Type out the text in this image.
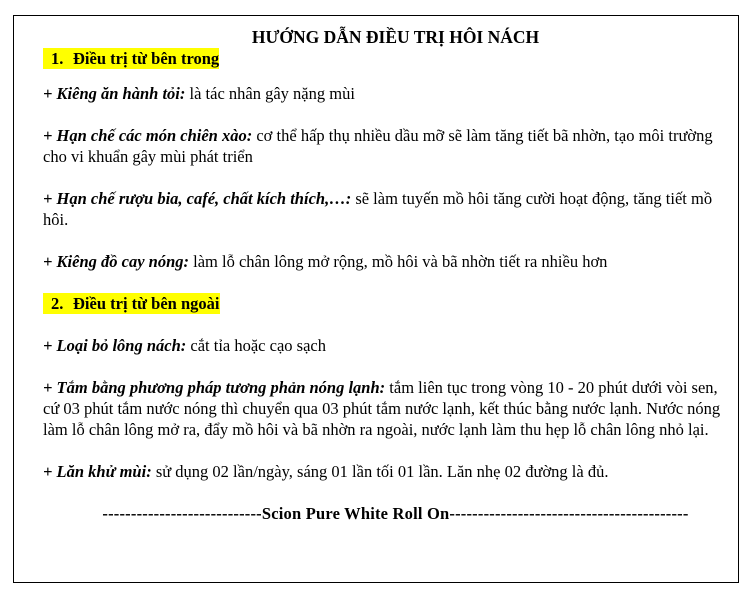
HƯỚNG DẪN ĐIỀU TRỊ HÔI NÁCH

1. Điều trị từ bên trong

+ Kiêng ăn hành tỏi: là tác nhân gây nặng mùi

+ Hạn chế các món chiên xào: cơ thể hấp thụ nhiều dầu mỡ sẽ làm tăng tiết bã nhờn, tạo môi trường cho vi khuẩn gây mùi phát triển

+ Hạn chế rượu bia, café, chất kích thích,…: sẽ làm tuyến mồ hôi tăng cười hoạt động, tăng tiết mồ hôi.

+ Kiêng đồ cay nóng: làm lỗ chân lông mở rộng, mồ hôi và bã nhờn tiết ra nhiều hơn

2. Điều trị từ bên ngoài

+ Loại bỏ lông nách: cắt tỉa hoặc cạo sạch

+ Tắm bằng phương pháp tương phản nóng lạnh: tắm liên tục trong vòng 10 - 20 phút dưới vòi sen, cứ 03 phút tắm nước nóng thì chuyển qua 03 phút tắm nước lạnh, kết thúc bằng nước lạnh. Nước nóng làm lỗ chân lông mở ra, đẩy mồ hôi và bã nhờn ra ngoài, nước lạnh làm thu hẹp lỗ chân lông nhỏ lại.

+ Lăn khử mùi: sử dụng 02 lần/ngày, sáng 01 lần tối 01 lần. Lăn nhẹ 02 đường là đủ.

----------------------------Scion Pure White Roll On------------------------------------------
